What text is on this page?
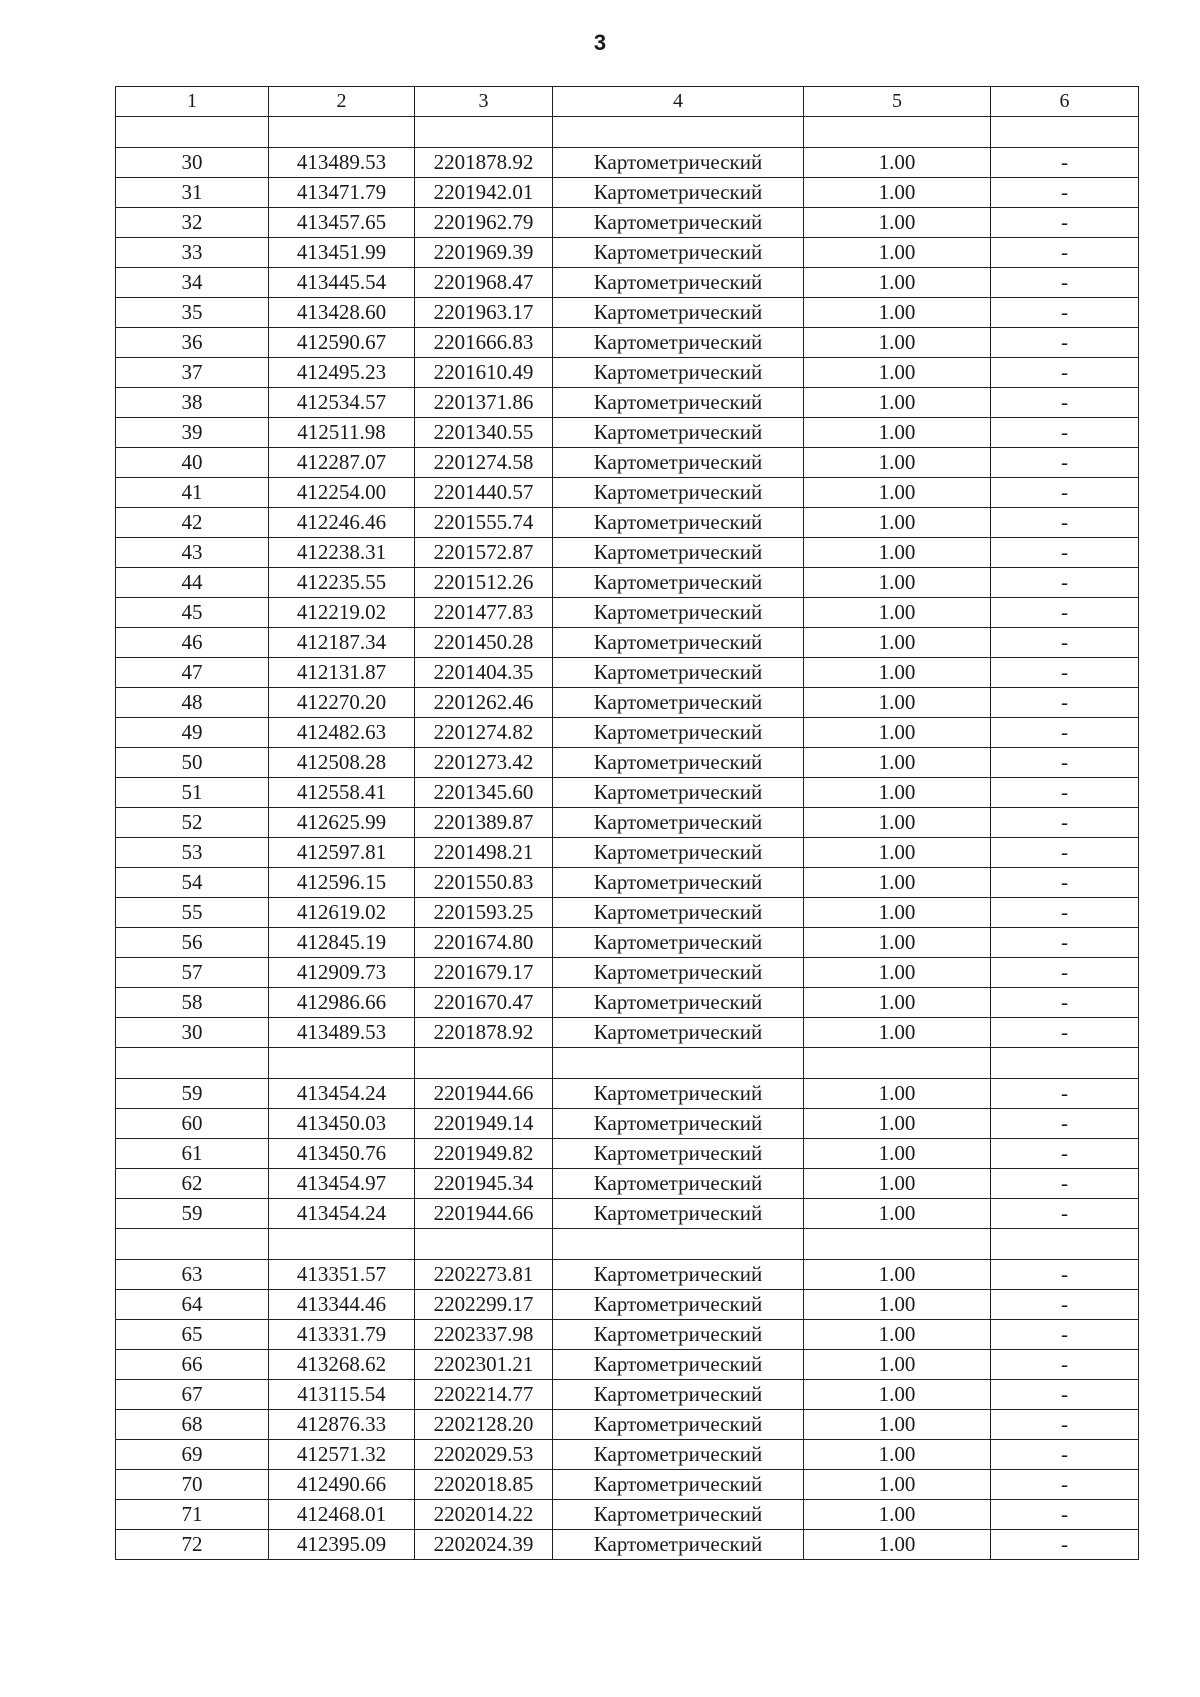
3
1	2	3	4	5	6

30	413489.53	2201878.92	Картометрический	1.00	-
31	413471.79	2201942.01	Картометрический	1.00	-
32	413457.65	2201962.79	Картометрический	1.00	-
33	413451.99	2201969.39	Картометрический	1.00	-
34	413445.54	2201968.47	Картометрический	1.00	-
35	413428.60	2201963.17	Картометрический	1.00	-
36	412590.67	2201666.83	Картометрический	1.00	-
37	412495.23	2201610.49	Картометрический	1.00	-
38	412534.57	2201371.86	Картометрический	1.00	-
39	412511.98	2201340.55	Картометрический	1.00	-
40	412287.07	2201274.58	Картометрический	1.00	-
41	412254.00	2201440.57	Картометрический	1.00	-
42	412246.46	2201555.74	Картометрический	1.00	-
43	412238.31	2201572.87	Картометрический	1.00	-
44	412235.55	2201512.26	Картометрический	1.00	-
45	412219.02	2201477.83	Картометрический	1.00	-
46	412187.34	2201450.28	Картометрический	1.00	-
47	412131.87	2201404.35	Картометрический	1.00	-
48	412270.20	2201262.46	Картометрический	1.00	-
49	412482.63	2201274.82	Картометрический	1.00	-
50	412508.28	2201273.42	Картометрический	1.00	-
51	412558.41	2201345.60	Картометрический	1.00	-
52	412625.99	2201389.87	Картометрический	1.00	-
53	412597.81	2201498.21	Картометрический	1.00	-
54	412596.15	2201550.83	Картометрический	1.00	-
55	412619.02	2201593.25	Картометрический	1.00	-
56	412845.19	2201674.80	Картометрический	1.00	-
57	412909.73	2201679.17	Картометрический	1.00	-
58	412986.66	2201670.47	Картометрический	1.00	-
30	413489.53	2201878.92	Картометрический	1.00	-

59	413454.24	2201944.66	Картометрический	1.00	-
60	413450.03	2201949.14	Картометрический	1.00	-
61	413450.76	2201949.82	Картометрический	1.00	-
62	413454.97	2201945.34	Картометрический	1.00	-
59	413454.24	2201944.66	Картометрический	1.00	-

63	413351.57	2202273.81	Картометрический	1.00	-
64	413344.46	2202299.17	Картометрический	1.00	-
65	413331.79	2202337.98	Картометрический	1.00	-
66	413268.62	2202301.21	Картометрический	1.00	-
67	413115.54	2202214.77	Картометрический	1.00	-
68	412876.33	2202128.20	Картометрический	1.00	-
69	412571.32	2202029.53	Картометрический	1.00	-
70	412490.66	2202018.85	Картометрический	1.00	-
71	412468.01	2202014.22	Картометрический	1.00	-
72	412395.09	2202024.39	Картометрический	1.00	-
